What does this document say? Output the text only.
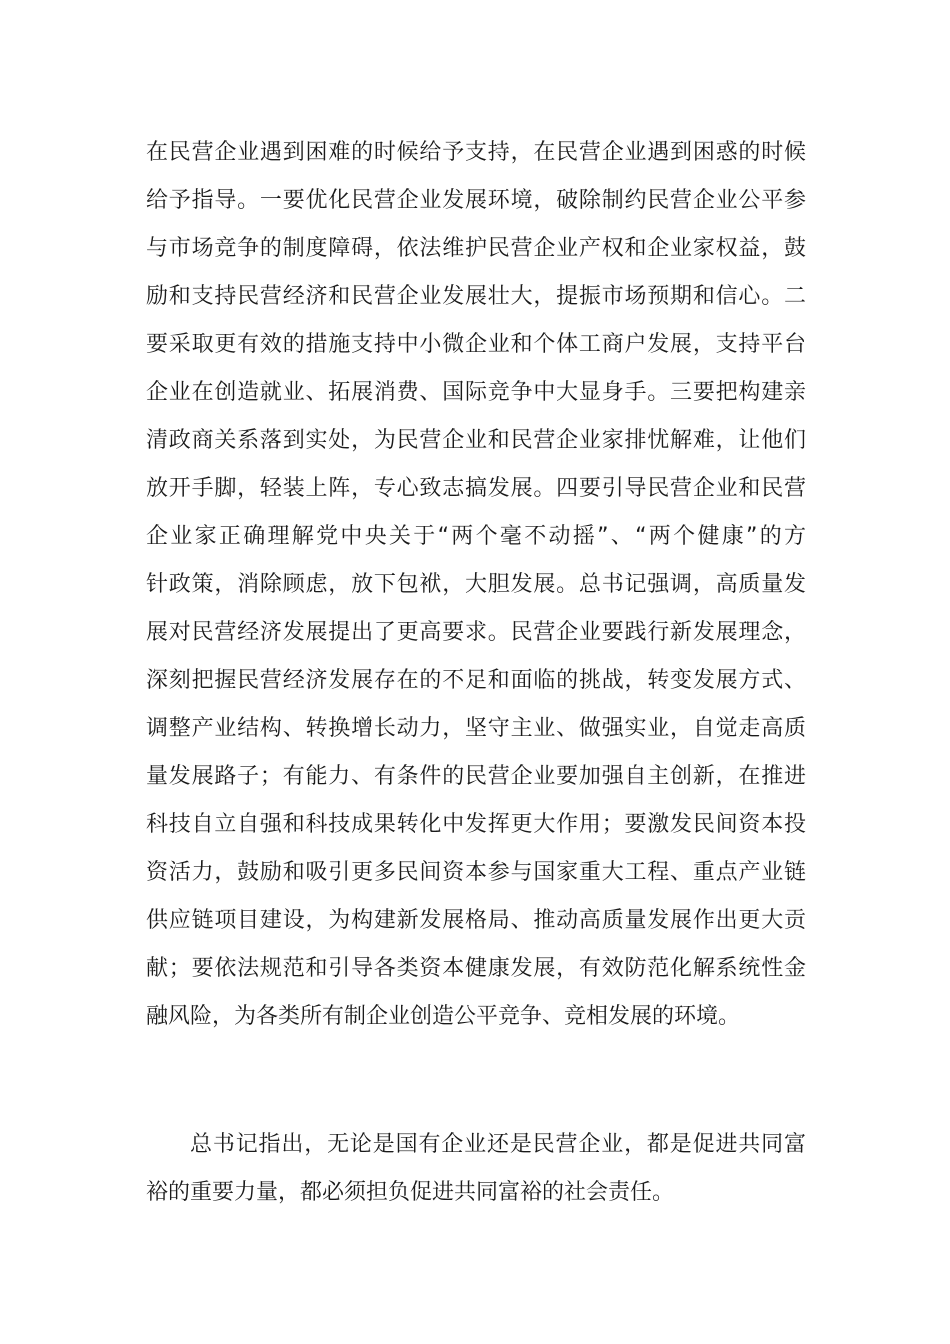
在民营企业遇到困难的时候给予支持，在民营企业遇到困惑的时候
给予指导。一要优化民营企业发展环境，破除制约民营企业公平参
与市场竞争的制度障碍，依法维护民营企业产权和企业家权益，鼓
励和支持民营经济和民营企业发展壮大，提振市场预期和信心。二
要采取更有效的措施支持中小微企业和个体工商户发展，支持平台
企业在创造就业、拓展消费、国际竞争中大显身手。三要把构建亲
清政商关系落到实处，为民营企业和民营企业家排忧解难，让他们
放开手脚，轻装上阵，专心致志搞发展。四要引导民营企业和民营
企业家正确理解党中央关于“两个毫不动摇”、“两个健康”的方
针政策，消除顾虑，放下包袱，大胆发展。总书记强调，高质量发
展对民营经济发展提出了更高要求。民营企业要践行新发展理念，
深刻把握民营经济发展存在的不足和面临的挑战，转变发展方式、
调整产业结构、转换增长动力，坚守主业、做强实业，自觉走高质
量发展路子；有能力、有条件的民营企业要加强自主创新，在推进
科技自立自强和科技成果转化中发挥更大作用；要激发民间资本投
资活力，鼓励和吸引更多民间资本参与国家重大工程、重点产业链
供应链项目建设，为构建新发展格局、推动高质量发展作出更大贡
献；要依法规范和引导各类资本健康发展，有效防范化解系统性金
融风险，为各类所有制企业创造公平竞争、竞相发展的环境。
总书记指出，无论是国有企业还是民营企业，都是促进共同富
裕的重要力量，都必须担负促进共同富裕的社会责任。
